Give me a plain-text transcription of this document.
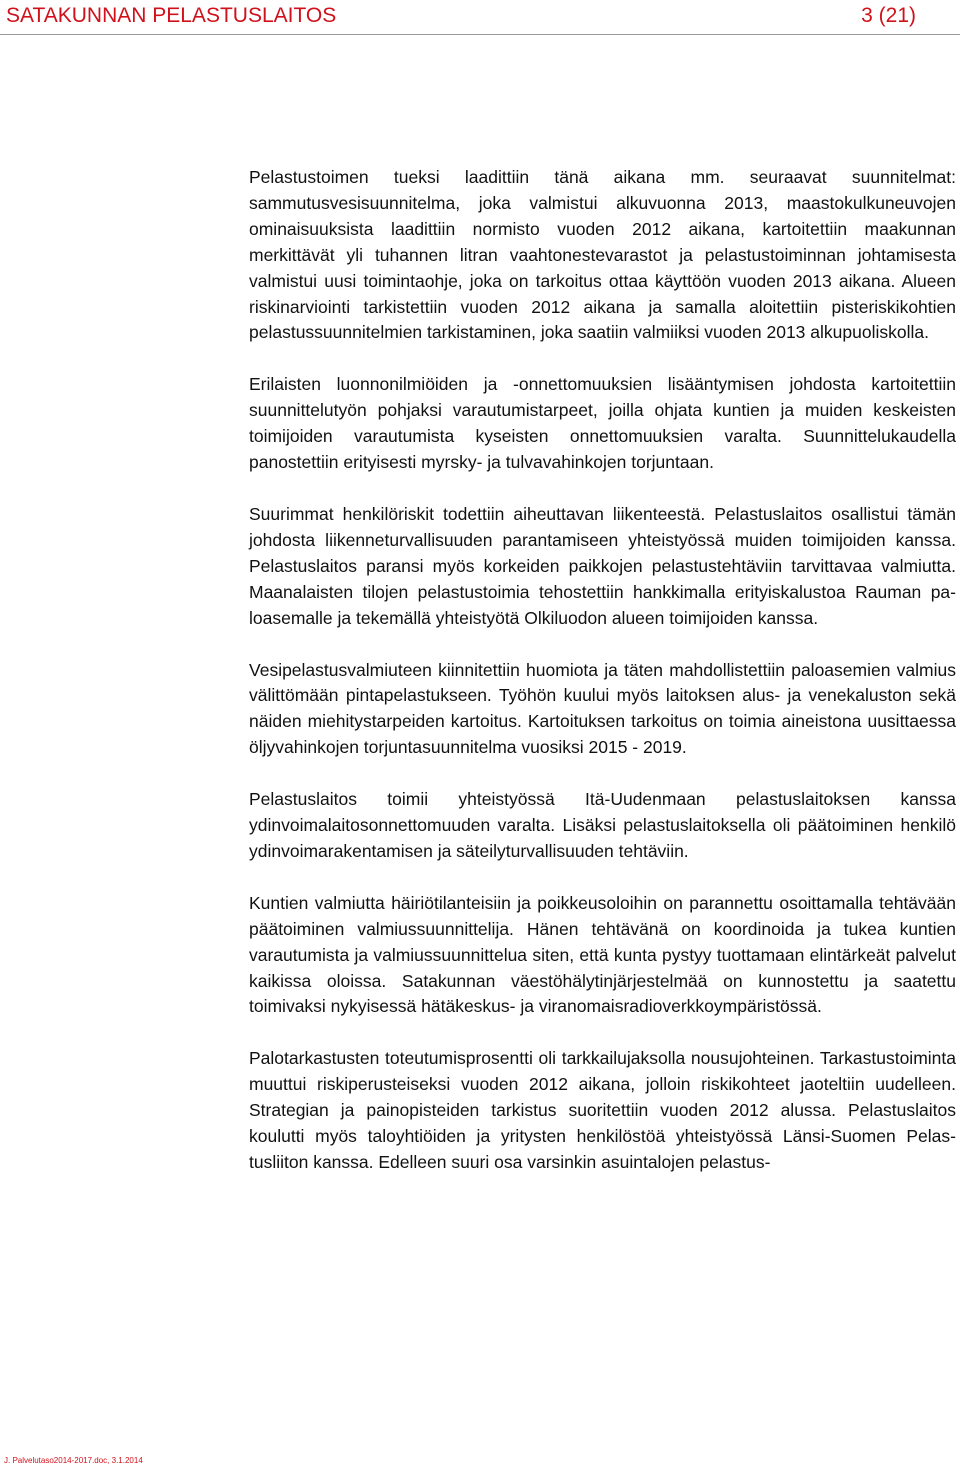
SATAKUNNAN PELASTUSLAITOS	3 (21)

Pelastustoimen tueksi laadittiin tänä aikana mm. seuraavat suunnitelmat: sammutusvesisuunnitelma, joka valmistui alkuvuonna 2013, maastokulkuneuvojen ominaisuuksista laadittiin normisto vuoden 2012 aikana, kartoitettiin maakunnan merkittävät yli tuhannen litran vaahtonestevarastot ja pelastustoiminnan johtamisesta valmistui uusi toimintaohje, joka on tarkoitus ottaa käyttöön vuoden 2013 aikana. Alueen riskinarviointi tarkistettiin vuoden 2012 aikana ja samalla aloitettiin pisteriskikohtien pelastussuunnitelmien tarkistaminen, joka saatiin valmiiksi vuoden 2013 alkupuoliskolla.

Erilaisten luonnonilmiöiden ja -onnettomuuksien lisääntymisen johdosta kartoitettiin suunnittelutyön pohjaksi varautumistarpeet, joilla ohjata kuntien ja muiden keskeisten toimijoiden varautumista kyseisten onnettomuuksien varalta. Suunnittelukaudella panostettiin erityisesti myrsky- ja tulvavahinkojen torjuntaan.

Suurimmat henkilöriskit todettiin aiheuttavan liikenteestä. Pelastuslaitos osallistui tämän johdosta liikenneturvallisuuden parantamiseen yhteistyössä muiden toimijoiden kanssa. Pelastuslaitos paransi myös korkeiden paikkojen pelastustehtäviin tarvittavaa valmiutta. Maanalaisten tilojen pelastustoimia tehostettiin hankkimalla erityiskalustoa Rauman paloasemalle ja tekemällä yhteistyötä Olkiluodon alueen toimijoiden kanssa.

Vesipelastusvalmiuteen kiinnitettiin huomiota ja täten mahdollistettiin paloasemien valmius välittömään pintapelastukseen. Työhön kuului myös laitoksen alus- ja venekaluston sekä näiden miehitystarpeiden kartoitus. Kartoituksen tarkoitus on toimia aineistona uusittaessa öljyvahinkojen torjuntasuunnitelma vuosiksi 2015 - 2019.

Pelastuslaitos toimii yhteistyössä Itä-Uudenmaan pelastuslaitoksen kanssa ydinvoimalaitosonnettomuuden varalta. Lisäksi pelastuslaitoksella oli päätoiminen henkilö ydinvoimarakentamisen ja säteilyturvallisuuden tehtäviin.

Kuntien valmiutta häiriötilanteisiin ja poikkeusoloihin on parannettu osoittamalla tehtävään päätoiminen valmiussuunnittelija. Hänen tehtävänä on koordinoida ja tukea kuntien varautumista ja valmiussuunnittelua siten, että kunta pystyy tuottamaan elintärkeät palvelut kaikissa oloissa. Satakunnan väestöhälytinjärjestelmää on kunnostettu ja saatettu toimivaksi nykyisessä hätäkeskus- ja viranomaisradioverkkoympäristössä.

Palotarkastusten toteutumisprosentti oli tarkkailujaksolla nousujohteinen. Tarkastustoiminta muuttui riskiperusteiseksi vuoden 2012 aikana, jolloin riskikohteet jaoteltiin uudelleen. Strategian ja painopisteiden tarkistus suoritettiin vuoden 2012 alussa. Pelastuslaitos koulutti myös taloyhtiöiden ja yritysten henkilöstöä yhteistyössä Länsi-Suomen Pelastusliiton kanssa. Edelleen suuri osa varsinkin asuintalojen pelastus-

J. Palvelutaso2014-2017.doc, 3.1.2014
